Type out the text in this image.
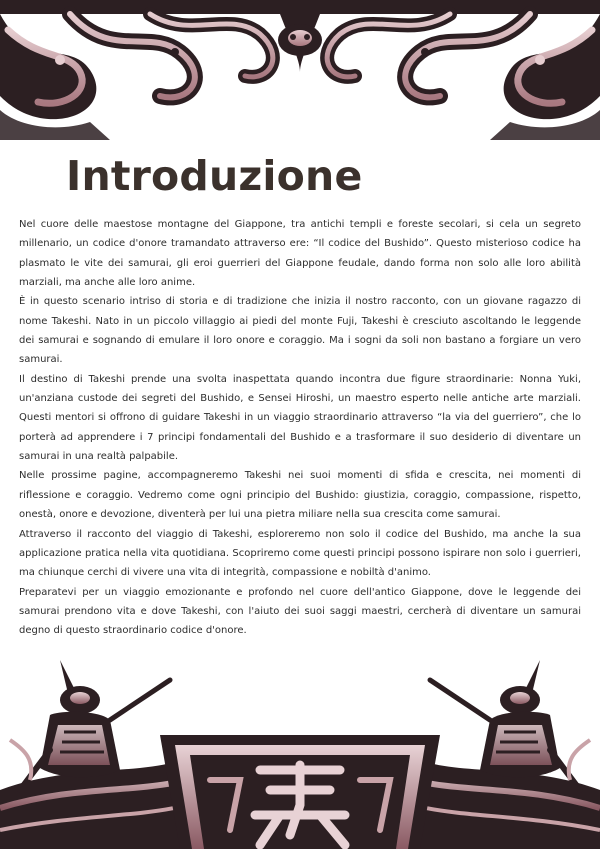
Introduzione

Nel cuore delle maestose montagne del Giappone, tra antichi templi e foreste secolari, si cela un segreto millenario, un codice d'onore tramandato attraverso ere: “Il codice del Bushido”. Questo misterioso codice ha plasmato le vite dei samurai, gli eroi guerrieri del Giappone feudale, dando forma non solo alle loro abilità marziali, ma anche alle loro anime.

È in questo scenario intriso di storia e di tradizione che inizia il nostro racconto, con un giovane ragazzo di nome Takeshi. Nato in un piccolo villaggio ai piedi del monte Fuji, Takeshi è cresciuto ascoltando le leggende dei samurai e sognando di emulare il loro onore e coraggio. Ma i sogni da soli non bastano a forgiare un vero samurai.

Il destino di Takeshi prende una svolta inaspettata quando incontra due figure straordinarie: Nonna Yuki, un'anziana custode dei segreti del Bushido, e Sensei Hiroshi, un maestro esperto nelle antiche arte marziali. Questi mentori si offrono di guidare Takeshi in un viaggio straordinario attraverso “la via del guerriero”, che lo porterà ad apprendere i 7 principi fondamentali del Bushido e a trasformare il suo desiderio di diventare un samurai in una realtà palpabile.

Nelle prossime pagine, accompagneremo Takeshi nei suoi momenti di sfida e crescita, nei momenti di riflessione e coraggio. Vedremo come ogni principio del Bushido: giustizia, coraggio, compassione, rispetto, onestà, onore e devozione, diventerà per lui una pietra miliare nella sua crescita come samurai.

Attraverso il racconto del viaggio di Takeshi, esploreremo non solo il codice del Bushido, ma anche la sua applicazione pratica nella vita quotidiana. Scopriremo come questi principi possono ispirare non solo i guerrieri, ma chiunque cerchi di vivere una vita di integrità, compassione e nobiltà d'animo.

Preparatevi per un viaggio emozionante e profondo nel cuore dell'antico Giappone, dove le leggende dei samurai prendono vita e dove Takeshi, con l'aiuto dei suoi saggi maestri, cercherà di diventare un samurai degno di questo straordinario codice d'onore.
